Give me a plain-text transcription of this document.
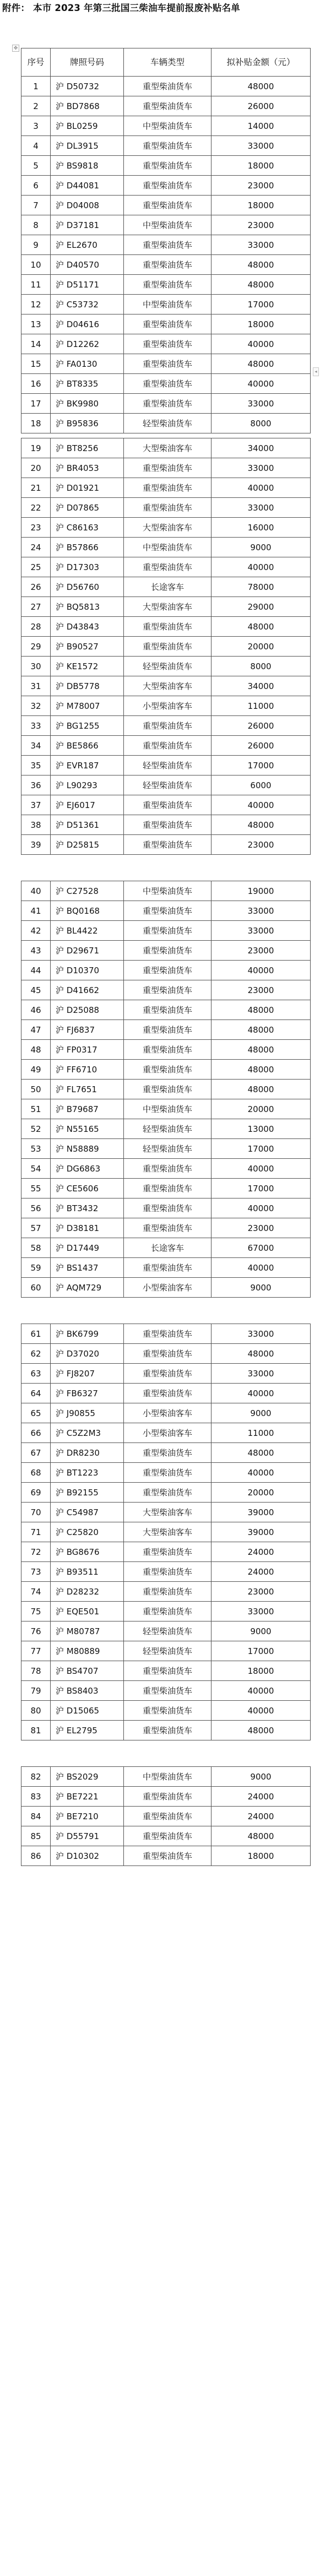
附件： 本市 2023 年第三批国三柴油车提前报废补贴名单
✥
◂
序号	牌照号码	车辆类型	拟补贴金额（元）
1	沪 D50732	重型柴油货车	48000
2	沪 BD7868	重型柴油货车	26000
3	沪 BL0259	中型柴油货车	14000
4	沪 DL3915	重型柴油货车	33000
5	沪 BS9818	重型柴油货车	18000
6	沪 D44081	重型柴油货车	23000
7	沪 D04008	重型柴油货车	18000
8	沪 D37181	中型柴油货车	23000
9	沪 EL2670	重型柴油货车	33000
10	沪 D40570	重型柴油货车	48000
11	沪 D51171	重型柴油货车	48000
12	沪 C53732	中型柴油货车	17000
13	沪 D04616	重型柴油货车	18000
14	沪 D12262	重型柴油货车	40000
15	沪 FA0130	重型柴油货车	48000
16	沪 BT8335	重型柴油货车	40000
17	沪 BK9980	重型柴油货车	33000
18	沪 B95836	轻型柴油货车	8000
19	沪 BT8256	大型柴油客车	34000
20	沪 BR4053	重型柴油货车	33000
21	沪 D01921	重型柴油货车	40000
22	沪 D07865	重型柴油货车	33000
23	沪 C86163	大型柴油客车	16000
24	沪 B57866	中型柴油货车	9000
25	沪 D17303	重型柴油货车	40000
26	沪 D56760	长途客车	78000
27	沪 BQ5813	大型柴油客车	29000
28	沪 D43843	重型柴油货车	48000
29	沪 B90527	重型柴油货车	20000
30	沪 KE1572	轻型柴油货车	8000
31	沪 DB5778	大型柴油客车	34000
32	沪 M78007	小型柴油客车	11000
33	沪 BG1255	重型柴油货车	26000
34	沪 BE5866	重型柴油货车	26000
35	沪 EVR187	轻型柴油货车	17000
36	沪 L90293	轻型柴油货车	6000
37	沪 EJ6017	重型柴油货车	40000
38	沪 D51361	重型柴油货车	48000
39	沪 D25815	重型柴油货车	23000
40	沪 C27528	中型柴油货车	19000
41	沪 BQ0168	重型柴油货车	33000
42	沪 BL4422	重型柴油货车	33000
43	沪 D29671	重型柴油货车	23000
44	沪 D10370	重型柴油货车	40000
45	沪 D41662	重型柴油货车	23000
46	沪 D25088	重型柴油货车	48000
47	沪 FJ6837	重型柴油货车	48000
48	沪 FP0317	重型柴油货车	48000
49	沪 FF6710	重型柴油货车	48000
50	沪 FL7651	重型柴油货车	48000
51	沪 B79687	中型柴油货车	20000
52	沪 N55165	轻型柴油货车	13000
53	沪 N58889	轻型柴油货车	17000
54	沪 DG6863	重型柴油货车	40000
55	沪 CE5606	重型柴油货车	17000
56	沪 BT3432	重型柴油货车	40000
57	沪 D38181	重型柴油货车	23000
58	沪 D17449	长途客车	67000
59	沪 BS1437	重型柴油货车	40000
60	沪 AQM729	小型柴油客车	9000
61	沪 BK6799	重型柴油货车	33000
62	沪 D37020	重型柴油货车	48000
63	沪 FJ8207	重型柴油货车	33000
64	沪 FB6327	重型柴油货车	40000
65	沪 J90855	小型柴油客车	9000
66	沪 C5Z2M3	小型柴油客车	11000
67	沪 DR8230	重型柴油货车	48000
68	沪 BT1223	重型柴油货车	40000
69	沪 B92155	重型柴油货车	20000
70	沪 C54987	大型柴油客车	39000
71	沪 C25820	大型柴油客车	39000
72	沪 BG8676	重型柴油货车	24000
73	沪 B93511	重型柴油货车	24000
74	沪 D28232	重型柴油货车	23000
75	沪 EQE501	重型柴油货车	33000
76	沪 M80787	轻型柴油货车	9000
77	沪 M80889	轻型柴油货车	17000
78	沪 BS4707	重型柴油货车	18000
79	沪 BS8403	重型柴油货车	40000
80	沪 D15065	重型柴油货车	40000
81	沪 EL2795	重型柴油货车	48000
82	沪 BS2029	中型柴油货车	9000
83	沪 BE7221	重型柴油货车	24000
84	沪 BE7210	重型柴油货车	24000
85	沪 D55791	重型柴油货车	48000
86	沪 D10302	重型柴油货车	18000
